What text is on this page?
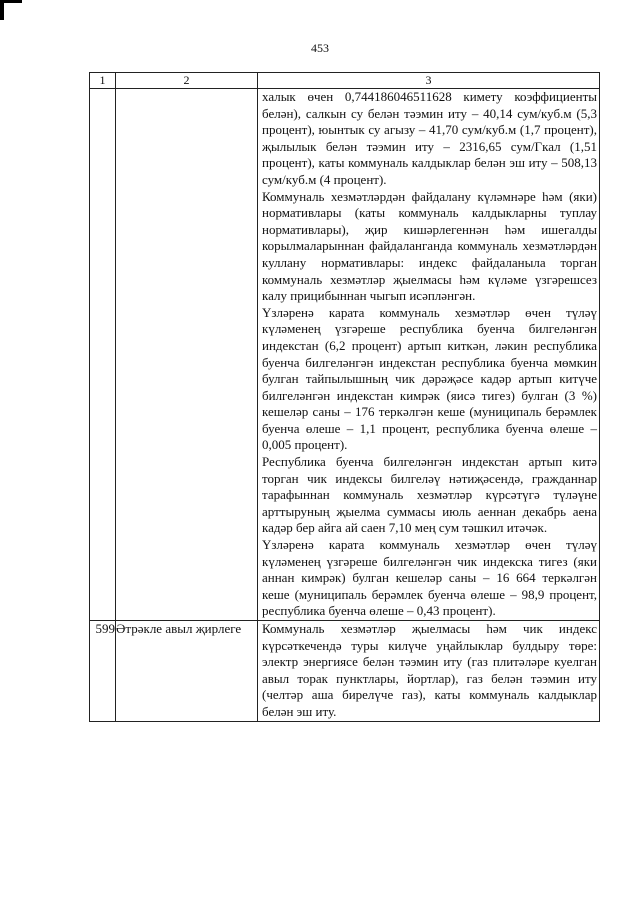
453
1	2	3

		халык өчен 0,744186046511628 кимету коэффициенты белән), салкын су белән тәэмин иту – 40,14 сум/куб.м (5,3 процент), юынтык су агызу – 41,70 сум/куб.м (1,7 процент), җылылык белән тәэмин иту – 2316,65 сум/Гкал (1,51 процент), каты коммуналь калдыклар белән эш иту – 508,13 сум/куб.м (4 процент).

Коммуналь хезмәтләрдән файдалану күләмнәре һәм (яки) нормативлары (каты коммуналь калдыкларны туплау нормативлары), җир кишәрлегеннән һәм ишегалды корылмаларыннан файдаланганда коммуналь хезмәтләрдән куллану нормативлары: индекс файдаланыла торган коммуналь хезмәтләр җыелмасы һәм күләме үзгәрешсез калу прицибыннан чыгып исәпләнгән.

Үзләренә карата коммуналь хезмәтләр өчен түләү күләменең үзгәреше республика буенча билгеләнгән индекстан (6,2 процент) артып киткән, ләкин республика буенча билгеләнгән индекстан республика буенча мөмкин булган тайпылышның чик дәрәҗәсе кадәр артып китүче билгеләнгән индекстан кимрәк (яисә тигез) булган (3 %) кешеләр саны – 176 теркәлгән кеше (муниципаль берәмлек буенча өлеше – 1,1 процент, республика буенча өлеше – 0,005 процент).

Республика буенча билгеләнгән индекстан артып китә торган чик индексы билгеләү нәтиҗәсендә, гражданнар тарафыннан коммуналь хезмәтләр күрсәтүгә түләүне арттыруның җыелма суммасы июль аеннан декабрь аена кадәр бер айга ай саен 7,10 мең сум тәшкил итәчәк.

Үзләренә карата коммуналь хезмәтләр өчен түләү күләменең үзгәреше билгеләнгән чик индекска тигез (яки аннан кимрәк) булган кешеләр саны – 16 664 теркәлгән кеше (муниципаль берәмлек буенча өлеше – 98,9 процент, республика буенча өлеше – 0,43 процент).

599	Әтрәкле авыл җирлеге	Коммуналь хезмәтләр җыелмасы һәм чик индекс күрсәткечендә туры килүче уңайлыклар булдыру төре: электр энергиясе белән тәэмин иту (газ плитәләре куелган авыл торак пунктлары, йортлар), газ белән тәэмин иту (челтәр аша бирелүче газ), каты коммуналь калдыклар белән эш иту.
